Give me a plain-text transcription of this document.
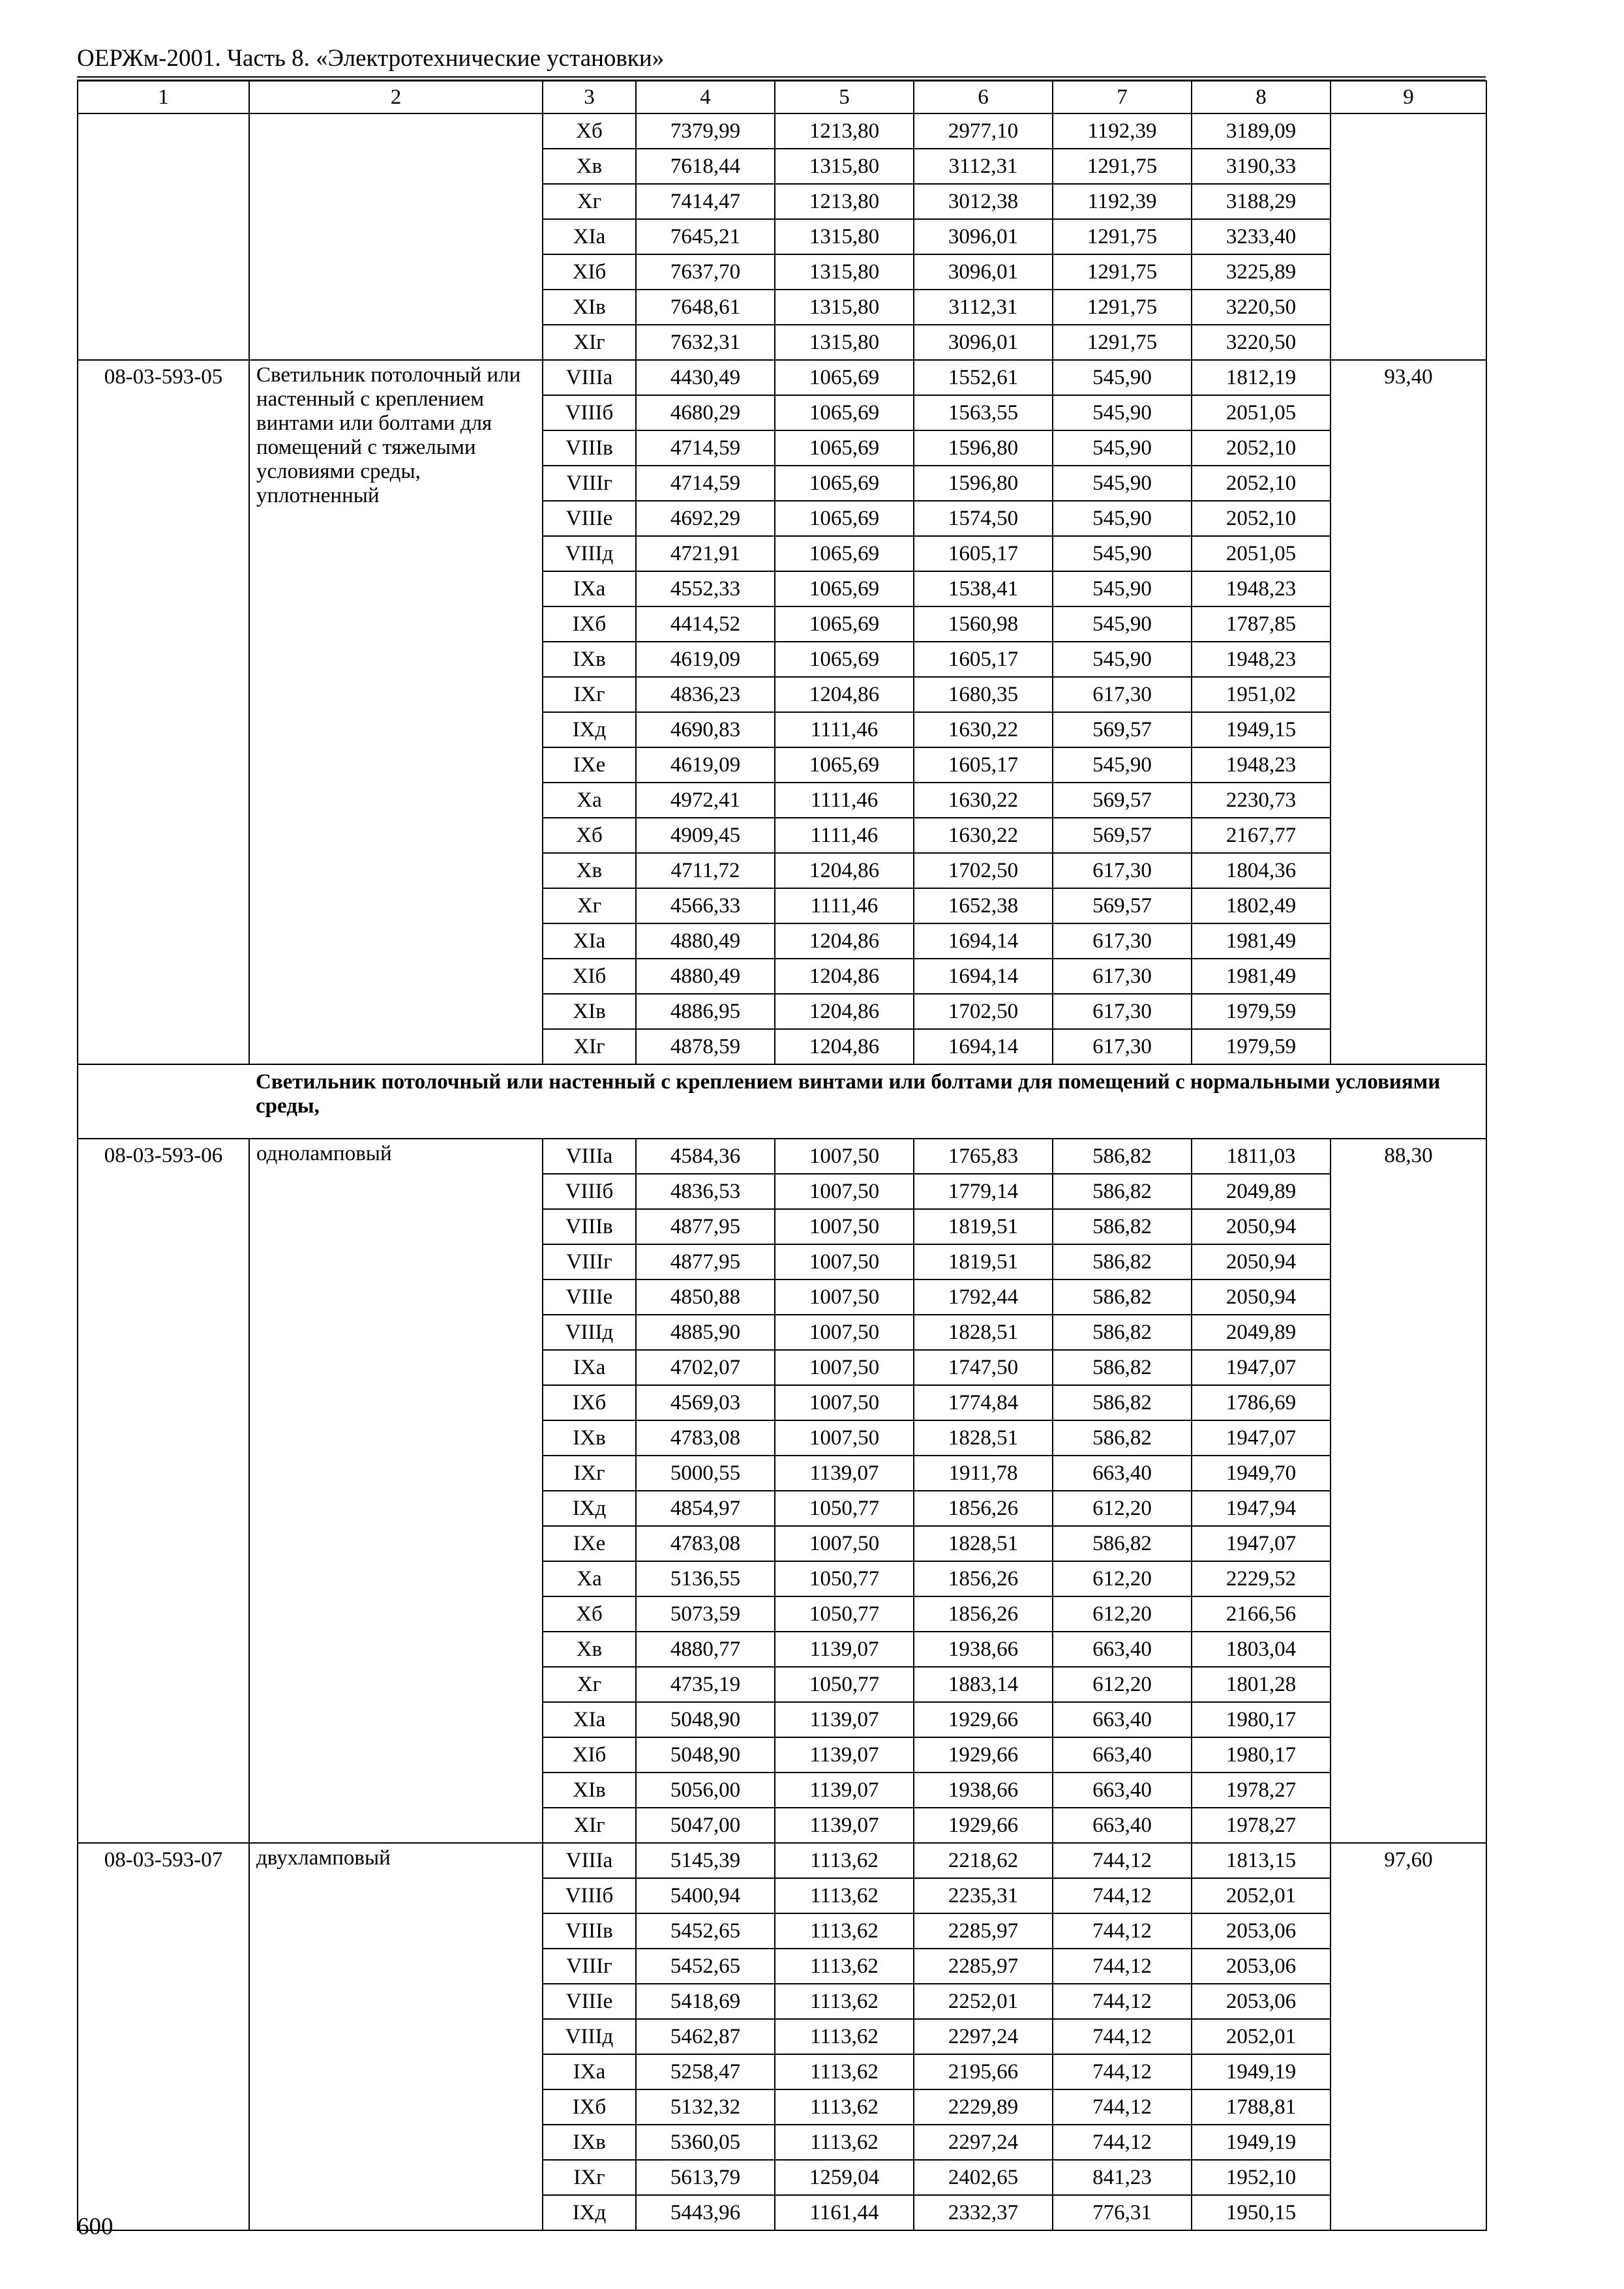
ОЕРЖм-2001. Часть 8. «Электротехнические установки»
1	2	3	4	5	6	7	8	9
		Xб	7379,99	1213,80	2977,10	1192,39	3189,09	
		Xв	7618,44	1315,80	3112,31	1291,75	3190,33	
		Xг	7414,47	1213,80	3012,38	1192,39	3188,29	
		XIа	7645,21	1315,80	3096,01	1291,75	3233,40	
		XIб	7637,70	1315,80	3096,01	1291,75	3225,89	
		XIв	7648,61	1315,80	3112,31	1291,75	3220,50	
		XIг	7632,31	1315,80	3096,01	1291,75	3220,50	
08-03-593-05	Светильник потолочный или настенный с креплением винтами или болтами для помещений с тяжелыми условиями среды, уплотненный	VIIIа	4430,49	1065,69	1552,61	545,90	1812,19	93,40
		VIIIб	4680,29	1065,69	1563,55	545,90	2051,05	
		VIIIв	4714,59	1065,69	1596,80	545,90	2052,10	
		VIIIг	4714,59	1065,69	1596,80	545,90	2052,10	
		VIIIе	4692,29	1065,69	1574,50	545,90	2052,10	
		VIIIд	4721,91	1065,69	1605,17	545,90	2051,05	
		IXа	4552,33	1065,69	1538,41	545,90	1948,23	
		IXб	4414,52	1065,69	1560,98	545,90	1787,85	
		IXв	4619,09	1065,69	1605,17	545,90	1948,23	
		IXг	4836,23	1204,86	1680,35	617,30	1951,02	
		IXд	4690,83	1111,46	1630,22	569,57	1949,15	
		IXе	4619,09	1065,69	1605,17	545,90	1948,23	
		Xа	4972,41	1111,46	1630,22	569,57	2230,73	
		Xб	4909,45	1111,46	1630,22	569,57	2167,77	
		Xв	4711,72	1204,86	1702,50	617,30	1804,36	
		Xг	4566,33	1111,46	1652,38	569,57	1802,49	
		XIа	4880,49	1204,86	1694,14	617,30	1981,49	
		XIб	4880,49	1204,86	1694,14	617,30	1981,49	
		XIв	4886,95	1204,86	1702,50	617,30	1979,59	
		XIг	4878,59	1204,86	1694,14	617,30	1979,59	
Светильник потолочный или настенный с креплением винтами или болтами для помещений с нормальными условиями среды,								
08-03-593-06	одноламповый	VIIIа	4584,36	1007,50	1765,83	586,82	1811,03	88,30
		VIIIб	4836,53	1007,50	1779,14	586,82	2049,89	
		VIIIв	4877,95	1007,50	1819,51	586,82	2050,94	
		VIIIг	4877,95	1007,50	1819,51	586,82	2050,94	
		VIIIе	4850,88	1007,50	1792,44	586,82	2050,94	
		VIIIд	4885,90	1007,50	1828,51	586,82	2049,89	
		IXа	4702,07	1007,50	1747,50	586,82	1947,07	
		IXб	4569,03	1007,50	1774,84	586,82	1786,69	
		IXв	4783,08	1007,50	1828,51	586,82	1947,07	
		IXг	5000,55	1139,07	1911,78	663,40	1949,70	
		IXд	4854,97	1050,77	1856,26	612,20	1947,94	
		IXе	4783,08	1007,50	1828,51	586,82	1947,07	
		Xа	5136,55	1050,77	1856,26	612,20	2229,52	
		Xб	5073,59	1050,77	1856,26	612,20	2166,56	
		Xв	4880,77	1139,07	1938,66	663,40	1803,04	
		Xг	4735,19	1050,77	1883,14	612,20	1801,28	
		XIа	5048,90	1139,07	1929,66	663,40	1980,17	
		XIб	5048,90	1139,07	1929,66	663,40	1980,17	
		XIв	5056,00	1139,07	1938,66	663,40	1978,27	
		XIг	5047,00	1139,07	1929,66	663,40	1978,27	
08-03-593-07	двухламповый	VIIIа	5145,39	1113,62	2218,62	744,12	1813,15	97,60
		VIIIб	5400,94	1113,62	2235,31	744,12	2052,01	
		VIIIв	5452,65	1113,62	2285,97	744,12	2053,06	
		VIIIг	5452,65	1113,62	2285,97	744,12	2053,06	
		VIIIе	5418,69	1113,62	2252,01	744,12	2053,06	
		VIIIд	5462,87	1113,62	2297,24	744,12	2052,01	
		IXа	5258,47	1113,62	2195,66	744,12	1949,19	
		IXб	5132,32	1113,62	2229,89	744,12	1788,81	
		IXв	5360,05	1113,62	2297,24	744,12	1949,19	
		IXг	5613,79	1259,04	2402,65	841,23	1952,10	
		IXд	5443,96	1161,44	2332,37	776,31	1950,15	
600
